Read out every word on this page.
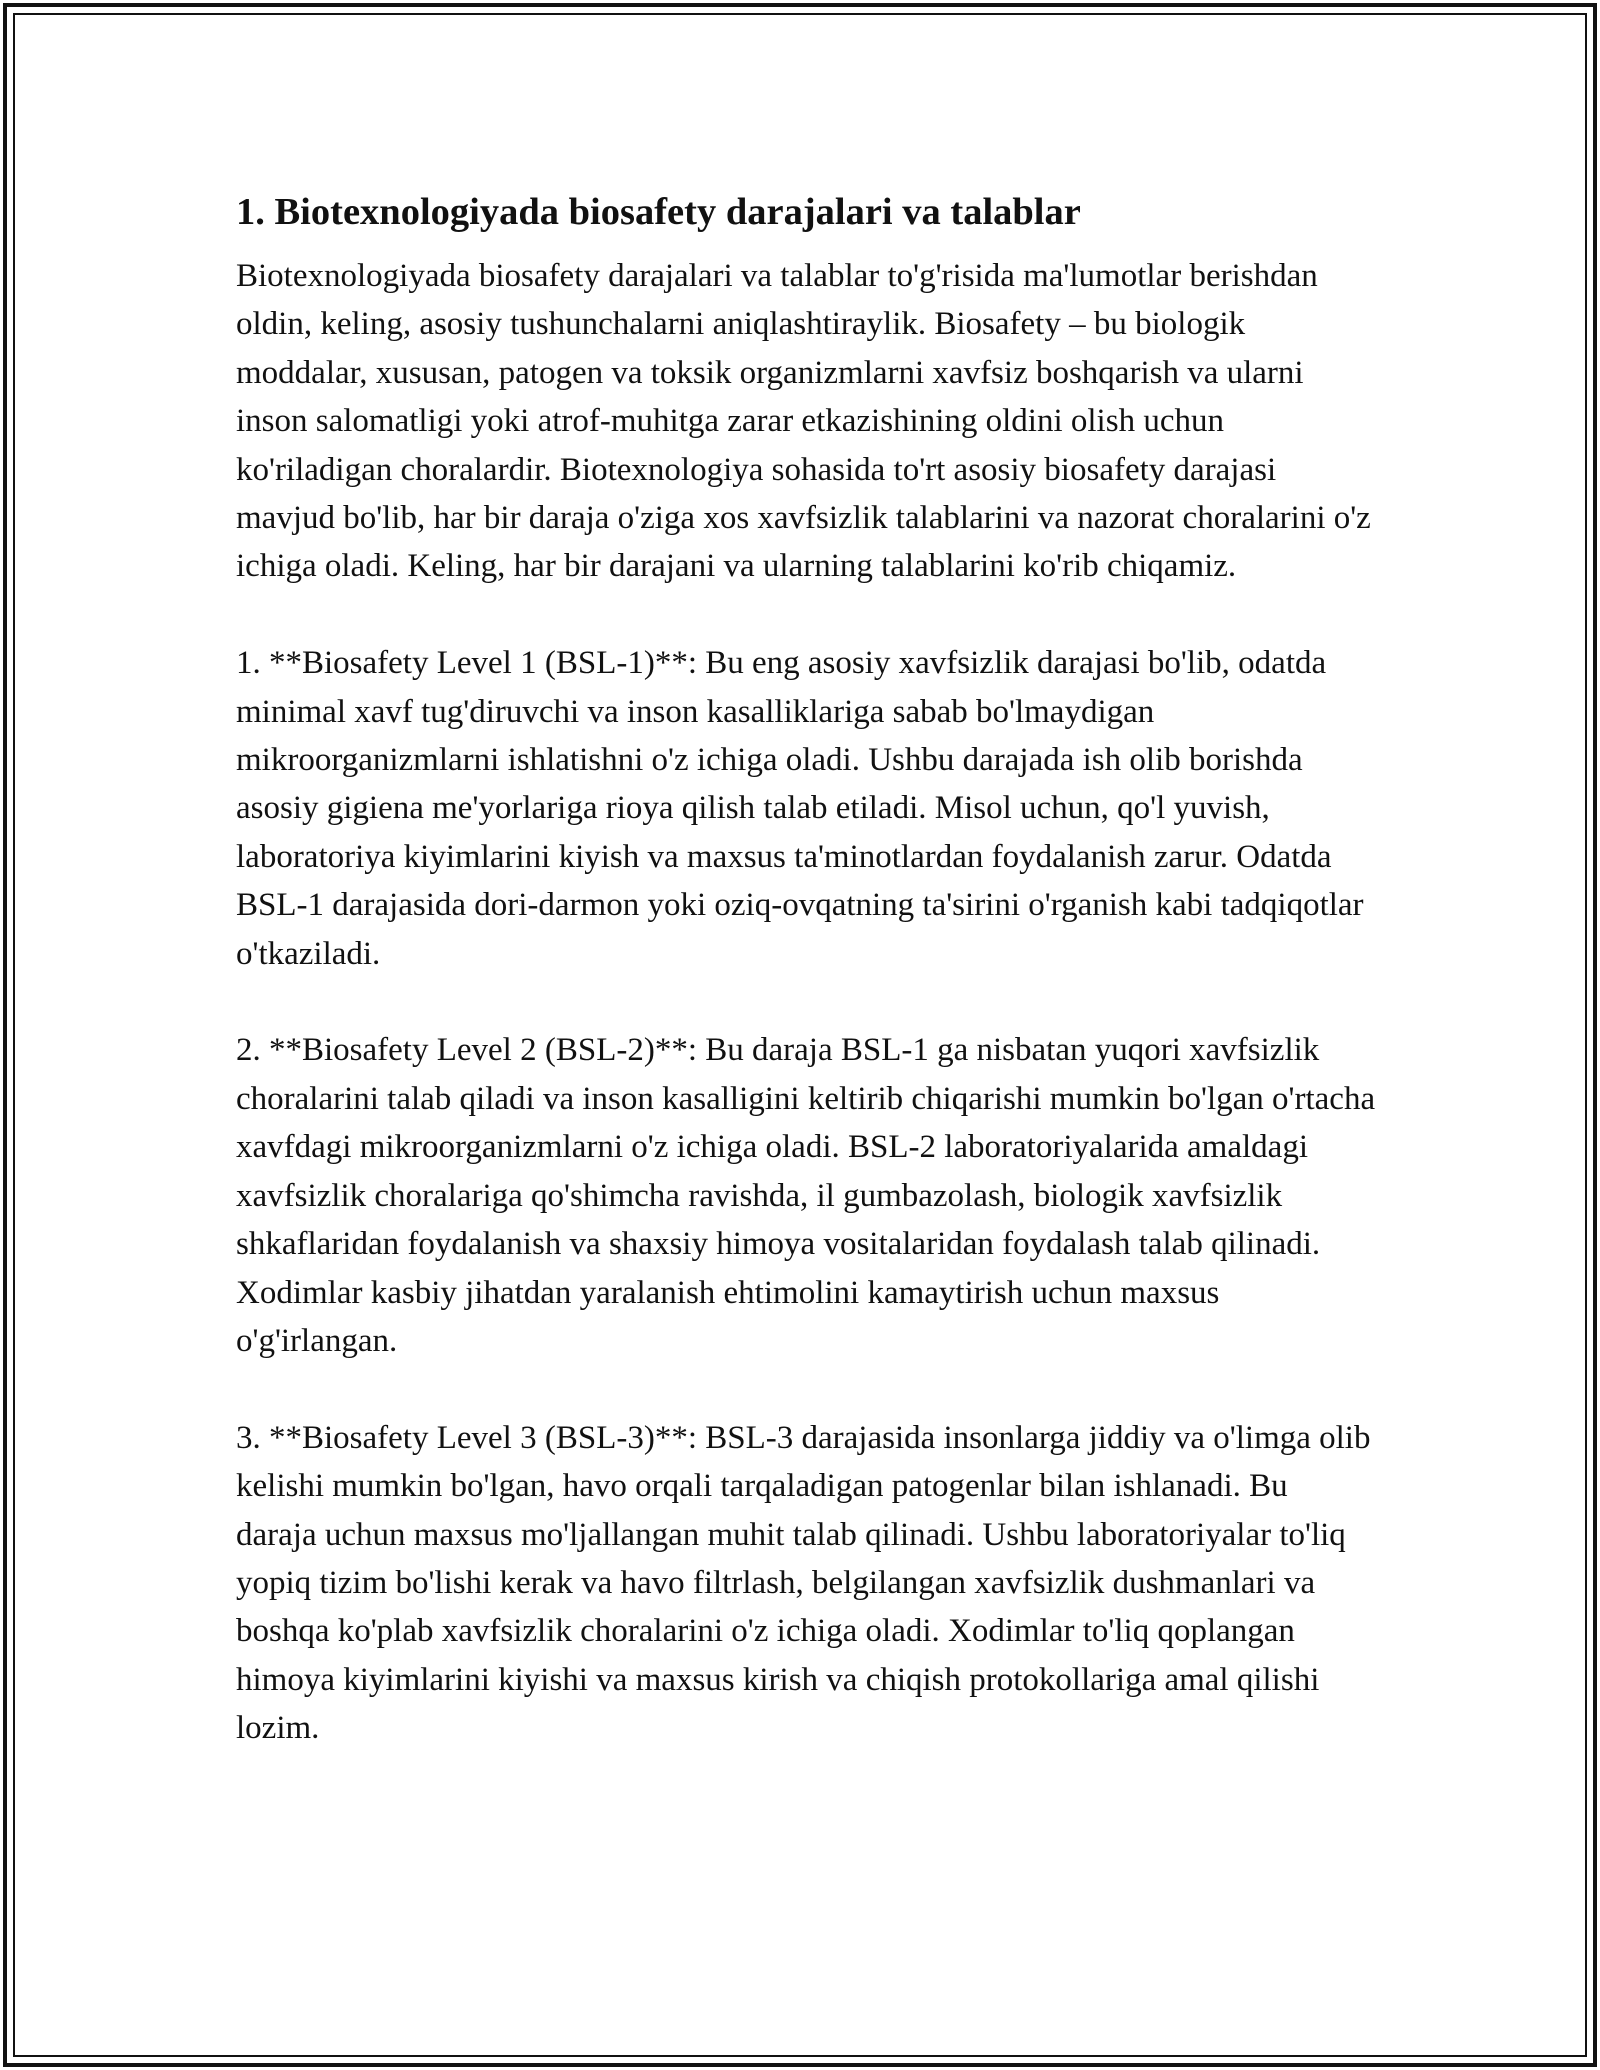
1. Biotexnologiyada biosafety darajalari va talablar

Biotexnologiyada biosafety darajalari va talablar to'g'risida ma'lumotlar berishdan oldin, keling, asosiy tushunchalarni aniqlashtiraylik. Biosafety – bu biologik moddalar, xususan, patogen va toksik organizmlarni xavfsiz boshqarish va ularni inson salomatligi yoki atrof-muhitga zarar etkazishining oldini olish uchun ko'riladigan choralardir. Biotexnologiya sohasida to'rt asosiy biosafety darajasi mavjud bo'lib, har bir daraja o'ziga xos xavfsizlik talablarini va nazorat choralarini o'z ichiga oladi. Keling, har bir darajani va ularning talablarini ko'rib chiqamiz.

1. **Biosafety Level 1 (BSL-1)**: Bu eng asosiy xavfsizlik darajasi bo'lib, odatda minimal xavf tug'diruvchi va inson kasalliklariga sabab bo'lmaydigan mikroorganizmlarni ishlatishni o'z ichiga oladi. Ushbu darajada ish olib borishda asosiy gigiena me'yorlariga rioya qilish talab etiladi. Misol uchun, qo'l yuvish, laboratoriya kiyimlarini kiyish va maxsus ta'minotlardan foydalanish zarur. Odatda BSL-1 darajasida dori-darmon yoki oziq-ovqatning ta'sirini o'rganish kabi tadqiqotlar o'tkaziladi.

2. **Biosafety Level 2 (BSL-2)**: Bu daraja BSL-1 ga nisbatan yuqori xavfsizlik choralarini talab qiladi va inson kasalligini keltirib chiqarishi mumkin bo'lgan o'rtacha xavfdagi mikroorganizmlarni o'z ichiga oladi. BSL-2 laboratoriyalarida amaldagi xavfsizlik choralariga qo'shimcha ravishda, il gumbazolash, biologik xavfsizlik shkaflaridan foydalanish va shaxsiy himoya vositalaridan foydalash talab qilinadi. Xodimlar kasbiy jihatdan yaralanish ehtimolini kamaytirish uchun maxsus o'g'irlangan.

3. **Biosafety Level 3 (BSL-3)**: BSL-3 darajasida insonlarga jiddiy va o'limga olib kelishi mumkin bo'lgan, havo orqali tarqaladigan patogenlar bilan ishlanadi. Bu daraja uchun maxsus mo'ljallangan muhit talab qilinadi. Ushbu laboratoriyalar to'liq yopiq tizim bo'lishi kerak va havo filtrlash, belgilangan xavfsizlik dushmanlari va boshqa ko'plab xavfsizlik choralarini o'z ichiga oladi. Xodimlar to'liq qoplangan himoya kiyimlarini kiyishi va maxsus kirish va chiqish protokollariga amal qilishi lozim.
